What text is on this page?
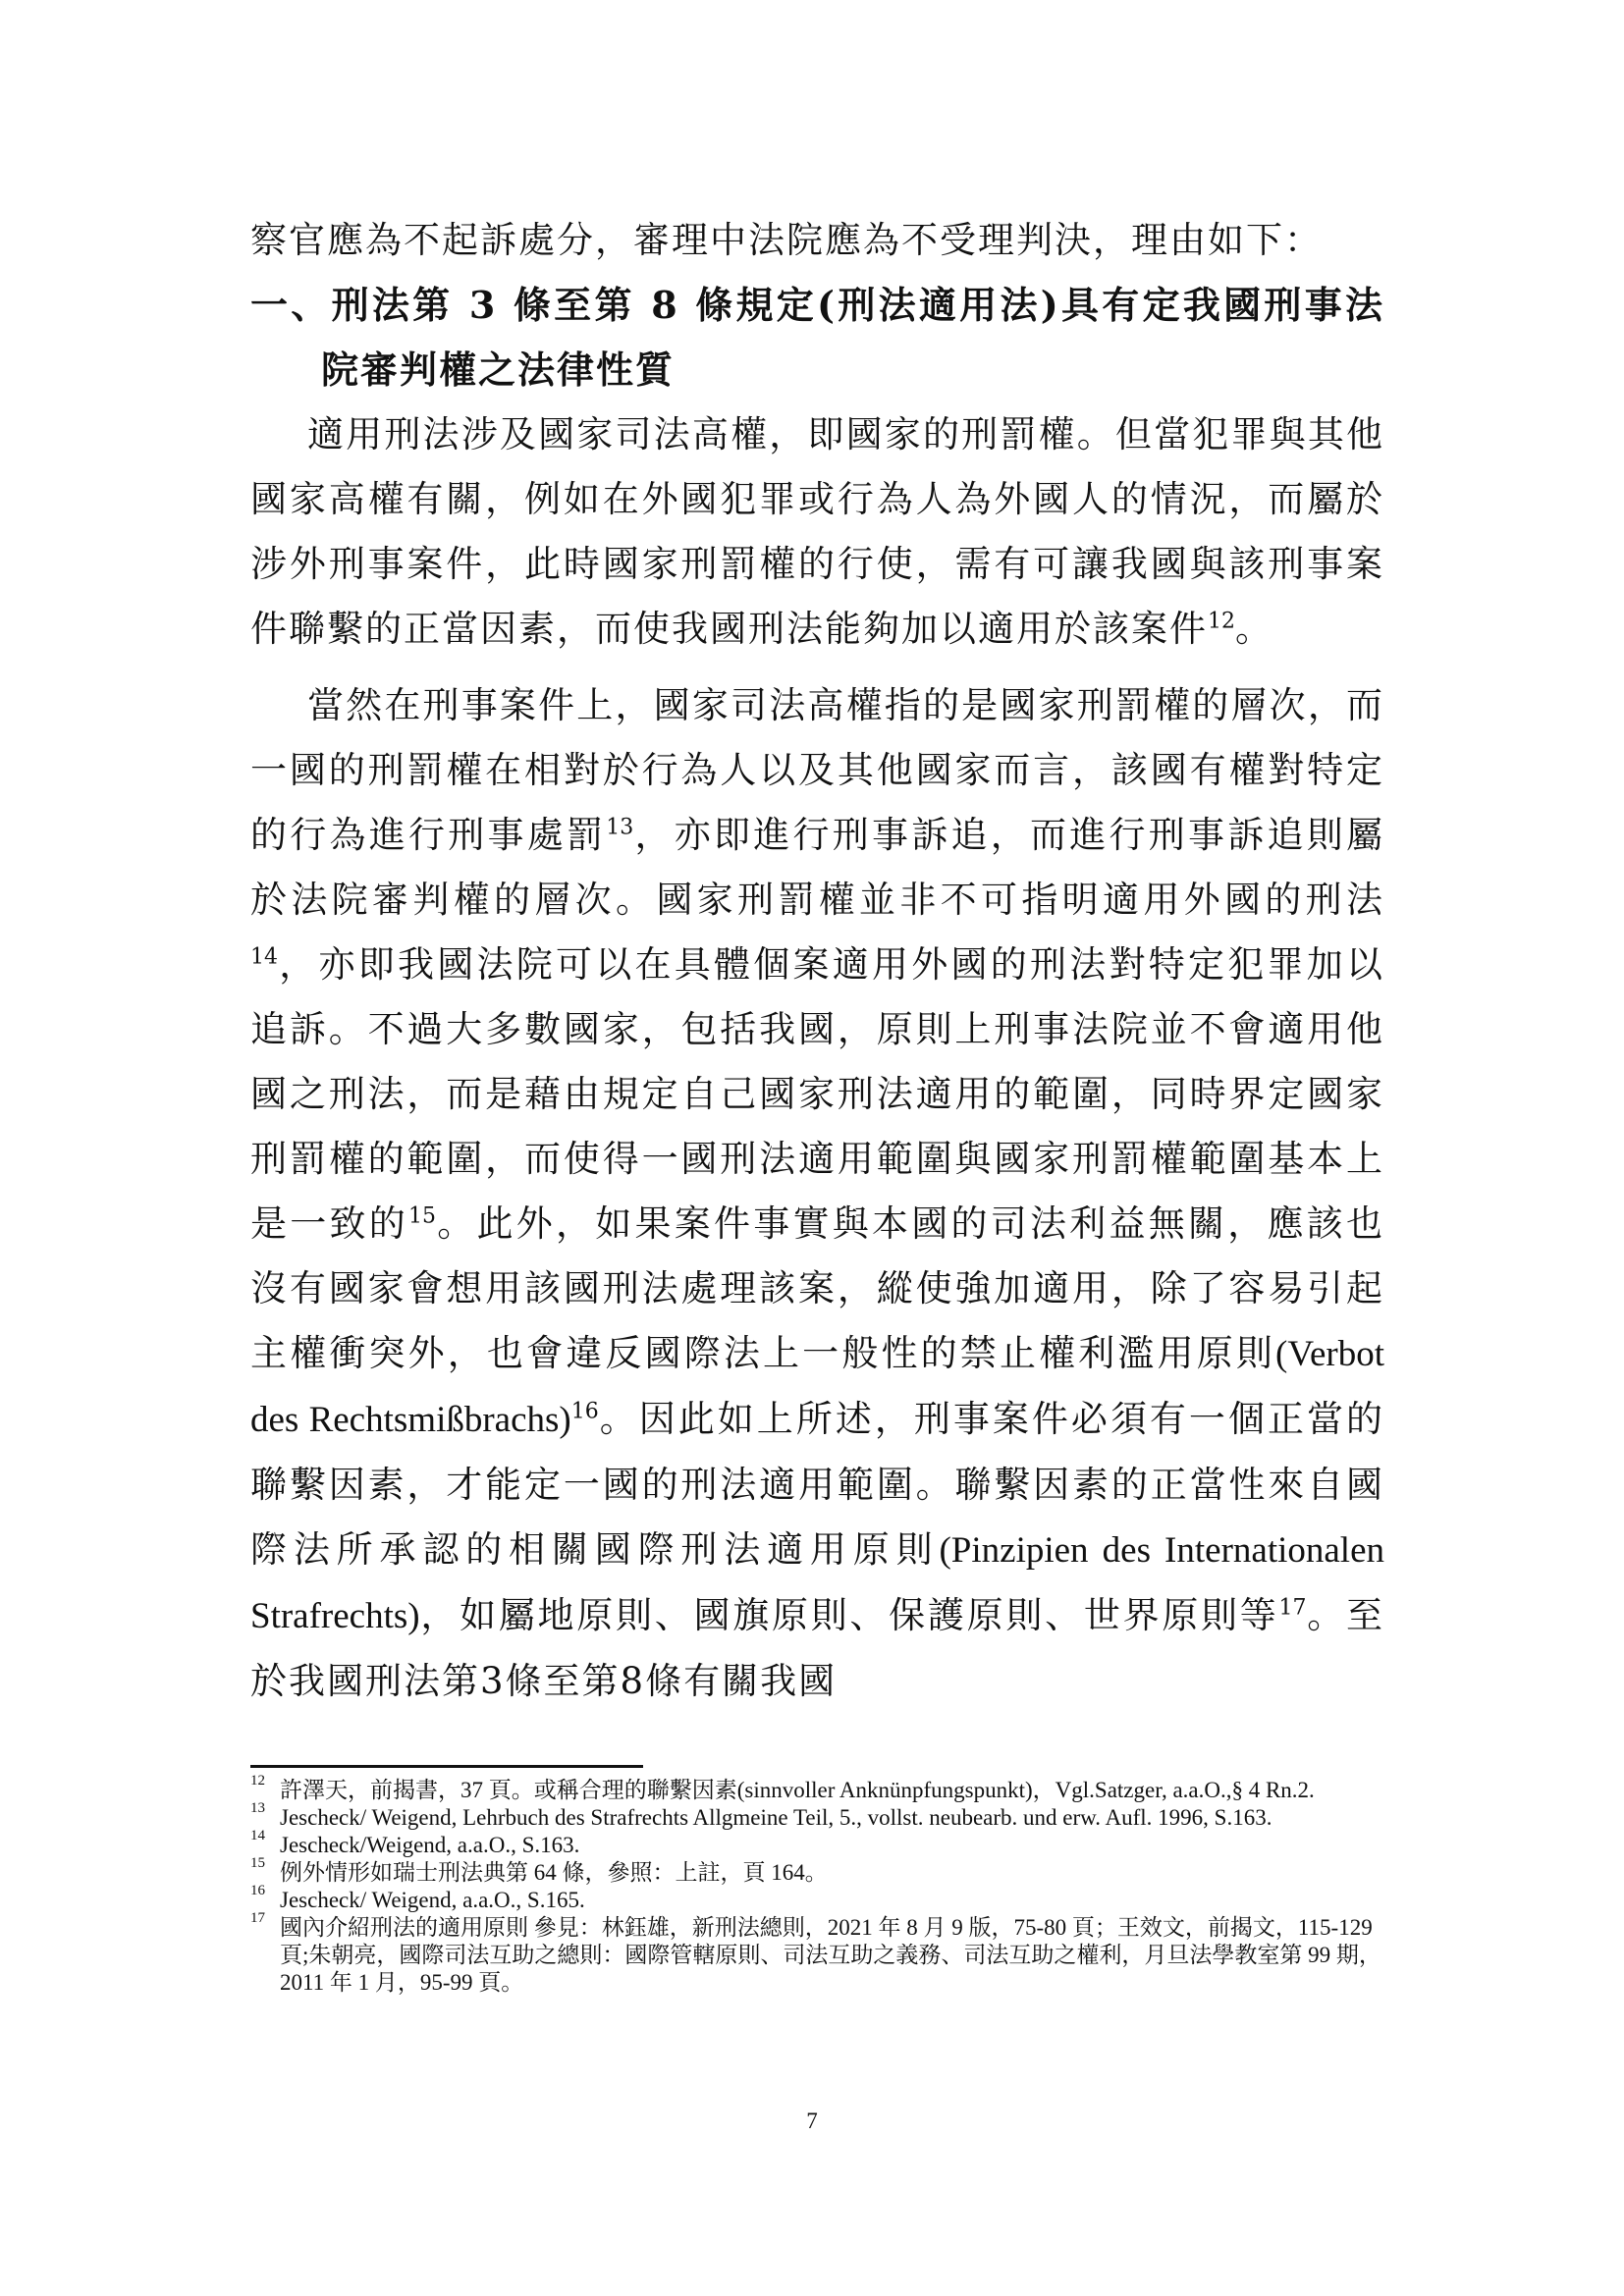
察官應為不起訴處分，審理中法院應為不受理判決，理由如下：

一、刑法第 3 條至第 8 條規定(刑法適用法)具有定我國刑事法院審判權之法律性質

適用刑法涉及國家司法高權，即國家的刑罰權。但當犯罪與其他國家高權有關，例如在外國犯罪或行為人為外國人的情況，而屬於涉外刑事案件，此時國家刑罰權的行使，需有可讓我國與該刑事案件聯繫的正當因素，而使我國刑法能夠加以適用於該案件$^{12}$。

當然在刑事案件上，國家司法高權指的是國家刑罰權的層次，而一國的刑罰權在相對於行為人以及其他國家而言，該國有權對特定的行為進行刑事處罰$^{13}$，亦即進行刑事訴追，而進行刑事訴追則屬於法院審判權的層次。國家刑罰權並非不可指明適用外國的刑法$^{14}$，亦即我國法院可以在具體個案適用外國的刑法對特定犯罪加以追訴。不過大多數國家，包括我國，原則上刑事法院並不會適用他國之刑法，而是藉由規定自己國家刑法適用的範圍，同時界定國家刑罰權的範圍，而使得一國刑法適用範圍與國家刑罰權範圍基本上是一致的$^{15}$。此外，如果案件事實與本國的司法利益無關，應該也沒有國家會想用該國刑法處理該案，縱使強加適用，除了容易引起主權衝突外，也會違反國際法上一般性的禁止權利濫用原則(Verbot des Rechtsmißbrachs)$^{16}$。因此如上所述，刑事案件必須有一個正當的聯繫因素，才能定一國的刑法適用範圍。聯繫因素的正當性來自國際法所承認的相關國際刑法適用原則(Pinzipien des Internationalen Strafrechts)，如屬地原則、國旗原則、保護原則、世界原則等$^{17}$。至於我國刑法第3條至第8條有關我國

12 許澤天，前揭書，37 頁。或稱合理的聯繫因素(sinnvoller Anknünpfungspunkt)，Vgl.Satzger, a.a.O.,§ 4 Rn.2.
13 Jescheck/ Weigend, Lehrbuch des Strafrechts Allgmeine Teil, 5., vollst. neubearb. und erw. Aufl. 1996, S.163.
14 Jescheck/Weigend, a.a.O., S.163.
15 例外情形如瑞士刑法典第 64 條，參照：上註，頁 164。
16 Jescheck/ Weigend, a.a.O., S.165.
17 國內介紹刑法的適用原則 參見：林鈺雄，新刑法總則，2021 年 8 月 9 版，75-80 頁；王效文，前揭文，115-129 頁;朱朝亮，國際司法互助之總則：國際管轄原則、司法互助之義務、司法互助之權利，月旦法學教室第 99 期，2011 年 1 月，95-99 頁。
7
